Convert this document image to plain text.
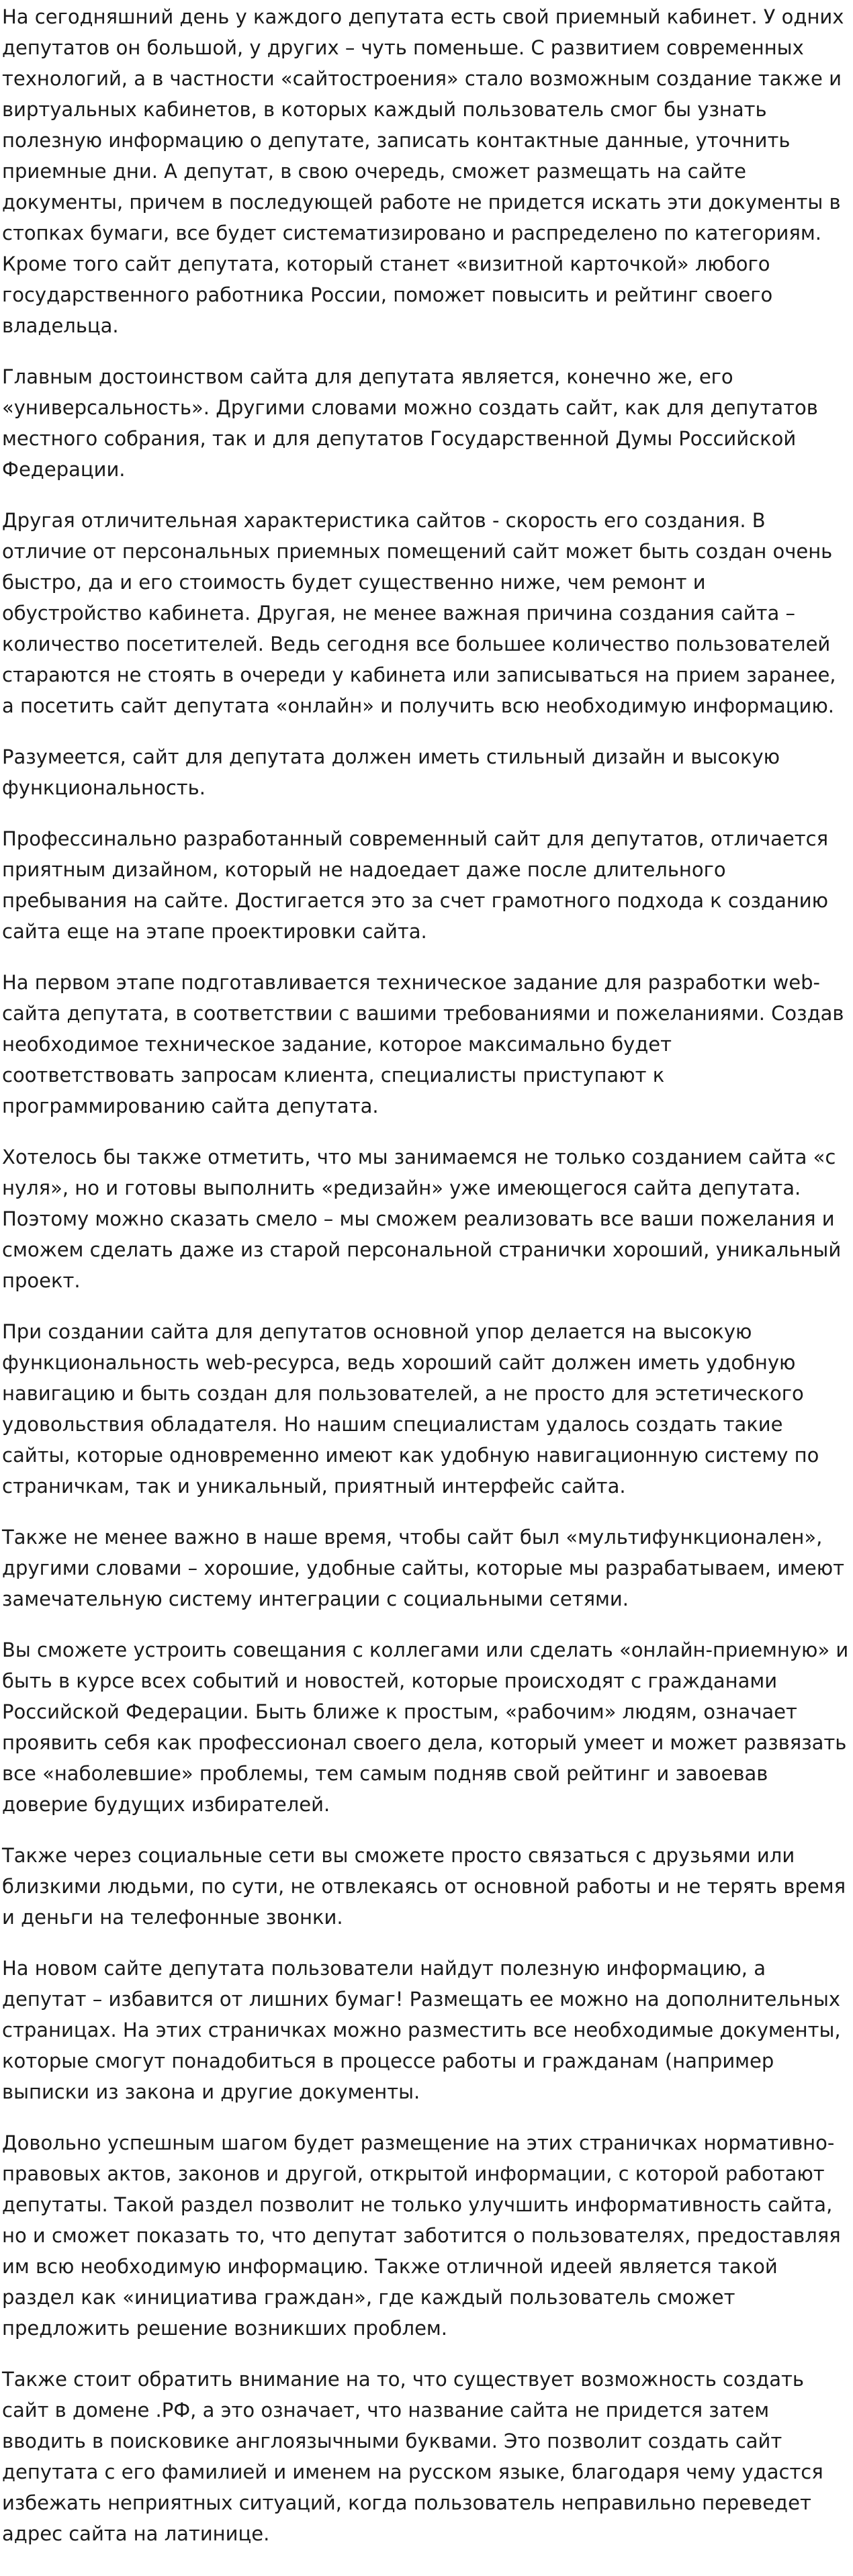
На сегодняшний день у каждого депутата есть свой приемный кабинет. У одних депутатов он большой, у других – чуть поменьше. С развитием современных технологий, а в частности «сайтостроения» стало возможным создание также и виртуальных кабинетов, в которых каждый пользователь смог бы узнать полезную информацию о депутате, записать контактные данные, уточнить приемные дни. А депутат, в свою очередь, сможет размещать на сайте документы, причем в последующей работе не придется искать эти документы в стопках бумаги, все будет систематизировано и распределено по категориям. Кроме того сайт депутата, который станет «визитной карточкой» любого государственного работника России, поможет повысить и рейтинг своего владельца.

Главным достоинством сайта для депутата является, конечно же, его «универсальность». Другими словами можно создать сайт, как для депутатов местного собрания, так и для депутатов Государственной Думы Российской Федерации.

Другая отличительная характеристика сайтов - скорость его создания. В отличие от персональных приемных помещений сайт может быть создан очень быстро, да и его стоимость будет существенно ниже, чем ремонт и обустройство кабинета. Другая, не менее важная причина создания сайта – количество посетителей. Ведь сегодня все большее количество пользователей стараются не стоять в очереди у кабинета или записываться на прием заранее, а посетить сайт депутата «онлайн» и получить всю необходимую информацию.

Разумеется, сайт для депутата должен иметь стильный дизайн и высокую функциональность.

Профессинально разработанный современный сайт для депутатов, отличается приятным дизайном, который не надоедает даже после длительного пребывания на сайте. Достигается это за счет грамотного подхода к созданию сайта еще на этапе проектировки сайта.

На первом этапе подготавливается техническое задание для разработки web-сайта депутата, в соответствии с вашими требованиями и пожеланиями. Создав необходимое техническое задание, которое максимально будет соответствовать запросам клиента, специалисты приступают к программированию сайта депутата.

Хотелось бы также отметить, что мы занимаемся не только созданием сайта «с нуля», но и готовы выполнить «редизайн» уже имеющегося сайта депутата. Поэтому можно сказать смело – мы сможем реализовать все ваши пожелания и сможем сделать даже из старой персональной странички хороший, уникальный проект.

При создании сайта для депутатов основной упор делается на высокую функциональность web-ресурса, ведь хороший сайт должен иметь удобную навигацию и быть создан для пользователей, а не просто для эстетического удовольствия обладателя. Но нашим специалистам удалось создать такие сайты, которые одновременно имеют как удобную навигационную систему по страничкам, так и уникальный, приятный интерфейс сайта.

Также не менее важно в наше время, чтобы сайт был «мультифункционален», другими словами – хорошие, удобные сайты, которые мы разрабатываем, имеют замечательную систему интеграции с социальными сетями.

Вы сможете устроить совещания с коллегами или сделать «онлайн-приемную» и быть в курсе всех событий и новостей, которые происходят с гражданами Российской Федерации. Быть ближе к простым, «рабочим» людям, означает проявить себя как профессионал своего дела, который умеет и может развязать все «наболевшие» проблемы, тем самым подняв свой рейтинг и завоевав доверие будущих избирателей.

Также через социальные сети вы сможете просто связаться с друзьями или близкими людьми, по сути, не отвлекаясь от основной работы и не терять время и деньги на телефонные звонки.

На новом сайте депутата пользователи найдут полезную информацию, а депутат – избавится от лишних бумаг! Размещать ее можно на дополнительных страницах. На этих страничках можно разместить все необходимые документы, которые смогут понадобиться в процессе работы и гражданам (например выписки из закона и другие документы.

Довольно успешным шагом будет размещение на этих страничках нормативно-правовых актов, законов и другой, открытой информации, с которой работают депутаты. Такой раздел позволит не только улучшить информативность сайта, но и сможет показать то, что депутат заботится о пользователях, предоставляя им всю необходимую информацию. Также отличной идеей является такой раздел как «инициатива граждан», где каждый пользователь сможет предложить решение возникших проблем.

Также стоит обратить внимание на то, что существует возможность создать сайт в домене .РФ, а это означает, что название сайта не придется затем вводить в поисковике англоязычными буквами. Это позволит создать сайт депутата с его фамилией и именем на русском языке, благодаря чему удастся избежать неприятных ситуаций, когда пользователь неправильно переведет адрес сайта на латинице.
